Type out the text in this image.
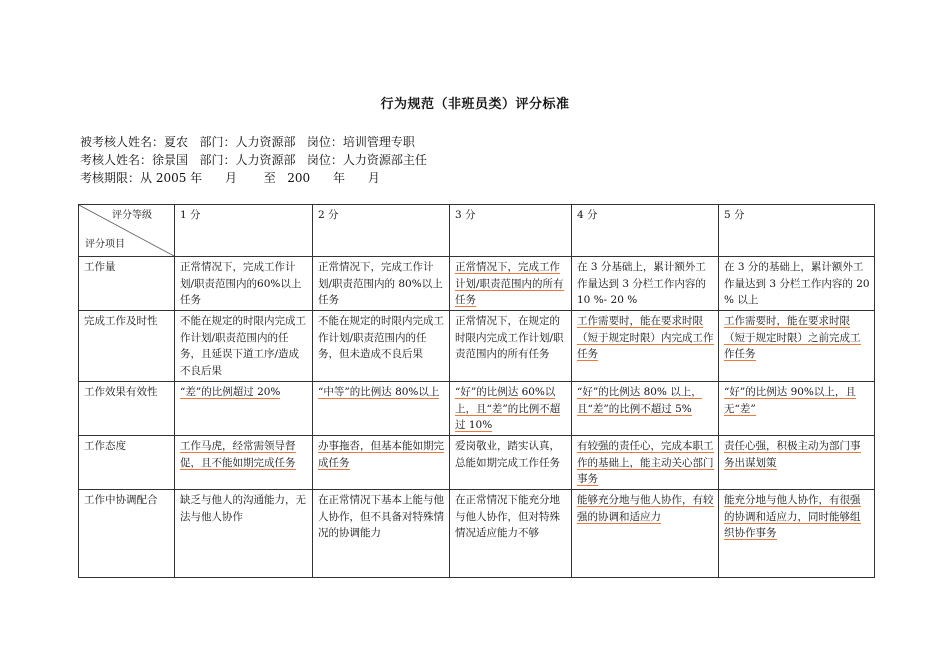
行为规范（非班员类）评分标准
被考核人姓名：夏农   部门：人力资源部   岗位：培训管理专职
考核人姓名：徐景国   部门：人力资源部   岗位：人力资源部主任
考核期限：从 2005 年      月       至   200      年      月
评分等级
评分项目	1 分	2 分	3 分	4 分	5 分
工作量	正常情况下，完成工作计划/职责范围内的60%以上任务	正常情况下，完成工作计划/职责范围内的 80%以上任务	正常情况下，完成工作计划/职责范围内的所有任务	在 3 分基础上，累计额外工作量达到 3 分栏工作内容的 10 %- 20 %	在 3 分的基础上，累计额外工作量达到 3 分栏工作内容的 20 % 以上
完成工作及时性	不能在规定的时限内完成工作计划/职责范围内的任务，且延误下道工序/造成不良后果	不能在规定的时限内完成工作计划/职责范围内的任务，但未造成不良后果	正常情况下，在规定的时限内完成工作计划/职责范围内的所有任务	工作需要时，能在要求时限（短于规定时限）内完成工作任务	工作需要时，能在要求时限（短于规定时限）之前完成工作任务
工作效果有效性	“差”的比例超过 20%	“中等”的比例达 80%以上	“好”的比例达 60%以上，且“差”的比例不超过 10%	“好”的比例达 80% 以上，且“差”的比例不超过 5%	“好”的比例达 90%以上，且无“差”
工作态度	工作马虎，经常需领导督促，且不能如期完成任务	办事拖沓，但基本能如期完成任务	爱岗敬业，踏实认真，总能如期完成工作任务	有较强的责任心，完成本职工作的基础上，能主动关心部门事务	责任心强，积极主动为部门事务出谋划策
工作中协调配合	缺乏与他人的沟通能力，无法与他人协作	在正常情况下基本上能与他人协作，但不具备对特殊情况的协调能力	在正常情况下能充分地与他人协作，但对特殊情况适应能力不够	能够充分地与他人协作，有较强的协调和适应力	能充分地与他人协作，有很强的协调和适应力，同时能够组织协作事务
